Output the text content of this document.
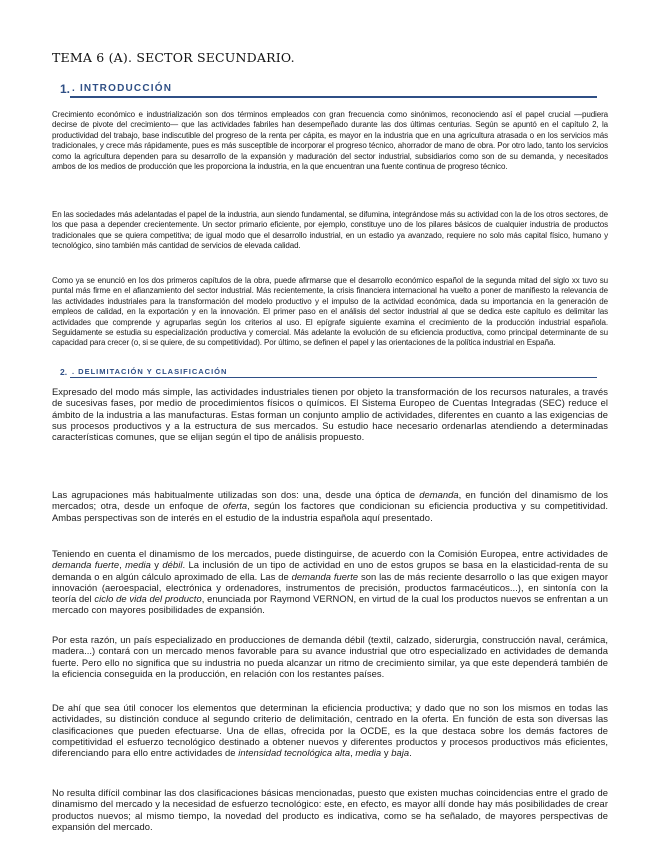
TEMA 6 (A). SECTOR SECUNDARIO.
1. . INTRODUCCIÓN

Crecimiento económico e industrialización son dos términos empleados con gran frecuencia como sinónimos, reconociendo así el papel crucial —pudiera decirse de pivote del crecimiento— que las actividades fabriles han desempeñado durante las dos últimas centurias. Según se apuntó en el capítulo 2, la productividad del trabajo, base indiscutible del progreso de la renta per cápita, es mayor en la industria que en una agricultura atrasada o en los servicios más tradicionales, y crece más rápidamente, pues es más susceptible de incorporar el progreso técnico, ahorrador de mano de obra. Por otro lado, tanto los servicios como la agricultura dependen para su desarrollo de la expansión y maduración del sector industrial, subsidiarios como son de su demanda, y necesitados ambos de los medios de producción que les proporciona la industria, en la que encuentran una fuente continua de progreso técnico.

En las sociedades más adelantadas el papel de la industria, aun siendo fundamental, se difumina, integrándose más su actividad con la de los otros sectores, de los que pasa a depender crecientemente. Un sector primario eficiente, por ejemplo, constituye uno de los pilares básicos de cualquier industria de productos tradicionales que se quiera competitiva; de igual modo que el desarrollo industrial, en un estadio ya avanzado, requiere no solo más capital físico, humano y tecnológico, sino también más cantidad de servicios de elevada calidad.

Como ya se enunció en los dos primeros capítulos de la obra, puede afirmarse que el desarrollo económico español de la segunda mitad del siglo xx tuvo su puntal más firme en el afianzamiento del sector industrial. Más recientemente, la crisis financiera internacional ha vuelto a poner de manifiesto la relevancia de las actividades industriales para la transformación del modelo productivo y el impulso de la actividad económica, dada su importancia en la generación de empleos de calidad, en la exportación y en la innovación. El primer paso en el análisis del sector industrial al que se dedica este capítulo es delimitar las actividades que comprende y agruparlas según los criterios al uso. El epígrafe siguiente examina el crecimiento de la producción industrial española. Seguidamente se estudia su especialización productiva y comercial. Más adelante la evolución de su eficiencia productiva, como principal determinante de su capacidad para crecer (o, si se quiere, de su competitividad). Por último, se definen el papel y las orientaciones de la política industrial en España.

2. . DELIMITACIÓN Y CLASIFICACIÓN

Expresado del modo más simple, las actividades industriales tienen por objeto la transformación de los recursos naturales, a través de sucesivas fases, por medio de procedimientos físicos o químicos. El Sistema Europeo de Cuentas Integradas (SEC) reduce el ámbito de la industria a las manufacturas. Estas forman un conjunto amplio de actividades, diferentes en cuanto a las exigencias de sus procesos productivos y a la estructura de sus mercados. Su estudio hace necesario ordenarlas atendiendo a determinadas características comunes, que se elijan según el tipo de análisis propuesto.

Las agrupaciones más habitualmente utilizadas son dos: una, desde una óptica de demanda, en función del dinamismo de los mercados; otra, desde un enfoque de oferta, según los factores que condicionan su eficiencia productiva y su competitividad. Ambas perspectivas son de interés en el estudio de la industria española aquí presentado.

Teniendo en cuenta el dinamismo de los mercados, puede distinguirse, de acuerdo con la Comisión Europea, entre actividades de demanda fuerte, media y débil. La inclusión de un tipo de actividad en uno de estos grupos se basa en la elasticidad-renta de su demanda o en algún cálculo aproximado de ella. Las de demanda fuerte son las de más reciente desarrollo o las que exigen mayor innovación (aeroespacial, electrónica y ordenadores, instrumentos de precisión, productos farmacéuticos...), en sintonía con la teoría del ciclo de vida del producto, enunciada por Raymond VERNON, en virtud de la cual los productos nuevos se enfrentan a un mercado con mayores posibilidades de expansión.

Por esta razón, un país especializado en producciones de demanda débil (textil, calzado, siderurgia, construcción naval, cerámica, madera...) contará con un mercado menos favorable para su avance industrial que otro especializado en actividades de demanda fuerte. Pero ello no significa que su industria no pueda alcanzar un ritmo de crecimiento similar, ya que este dependerá también de la eficiencia conseguida en la producción, en relación con los restantes países.

De ahí que sea útil conocer los elementos que determinan la eficiencia productiva; y dado que no son los mismos en todas las actividades, su distinción conduce al segundo criterio de delimitación, centrado en la oferta. En función de esta son diversas las clasificaciones que pueden efectuarse. Una de ellas, ofrecida por la OCDE, es la que destaca sobre los demás factores de competitividad el esfuerzo tecnológico destinado a obtener nuevos y diferentes productos y procesos productivos más eficientes, diferenciando para ello entre actividades de intensidad tecnológica alta, media y baja.

No resulta difícil combinar las dos clasificaciones básicas mencionadas, puesto que existen muchas coincidencias entre el grado de dinamismo del mercado y la necesidad de esfuerzo tecnológico: este, en efecto, es mayor allí donde hay más posibilidades de crear productos nuevos; al mismo tiempo, la novedad del producto es indicativa, como se ha señalado, de mayores perspectivas de expansión del mercado.
